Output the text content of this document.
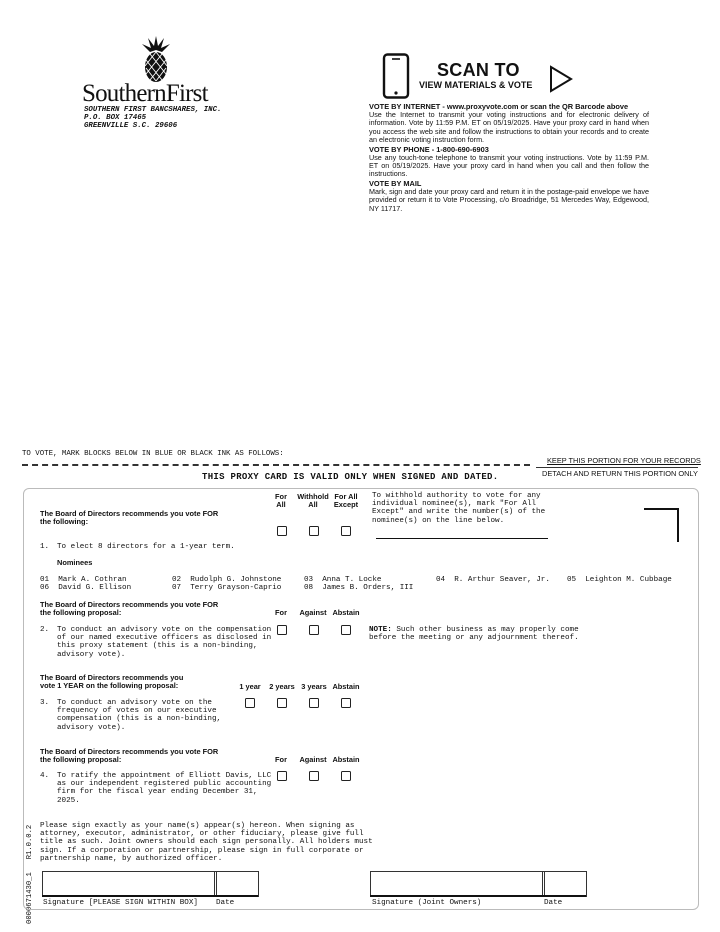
SouthernFirst
SOUTHERN FIRST BANCSHARES, INC.
P.O. BOX 17465
GREENVILLE S.C. 29606
SCAN TO
VIEW MATERIALS & VOTE
VOTE BY INTERNET - www.proxyvote.com or scan the QR Barcode above
Use the Internet to transmit your voting instructions and for electronic delivery of information. Vote by 11:59 P.M. ET on 05/19/2025. Have your proxy card in hand when you access the web site and follow the instructions to obtain your records and to create an electronic voting instruction form.
VOTE BY PHONE - 1-800-690-6903
Use any touch-tone telephone to transmit your voting instructions. Vote by 11:59 P.M. ET on 05/19/2025. Have your proxy card in hand when you call and then follow the instructions.
VOTE BY MAIL
Mark, sign and date your proxy card and return it in the postage-paid envelope we have provided or return it to Vote Processing, c/o Broadridge, 51 Mercedes Way, Edgewood, NY 11717.
TO VOTE, MARK BLOCKS BELOW IN BLUE OR BLACK INK AS FOLLOWS:
KEEP THIS PORTION FOR YOUR RECORDS
DETACH AND RETURN THIS PORTION ONLY
THIS PROXY CARD IS VALID ONLY WHEN SIGNED AND DATED.
0000671430_1   R1.0.0.2
For
All
Withhold
All
For All
Except
To withhold authority to vote for any individual nominee(s), mark "For All Except" and write the number(s) of the nominee(s) on the line below.
The Board of Directors recommends you vote FOR
the following:
1. To elect 8 directors for a 1-year term.
Nominees
01  Mark A. Cothran	02  Rudolph G. Johnstone	03  Anna T. Locke	04  R. Arthur Seaver, Jr. 05  Leighton M. Cubbage
06  David G. Ellison	07  Terry Grayson-Caprio	08  James B. Orders, III
The Board of Directors recommends you vote FOR
the following proposal:	For	Against Abstain
2. To conduct an advisory vote on the compensation
of our named executive officers as disclosed in
this proxy statement (this is a non-binding,
advisory vote).
NOTE: Such other business as may properly come
before the meeting or any adjournment thereof.
The Board of Directors recommends you
vote 1 YEAR on the following proposal:	1 year	2 years 3 years Abstain
3. To conduct an advisory vote on the
frequency of votes on our executive
compensation (this is a non-binding,
advisory vote).
The Board of Directors recommends you vote FOR
the following proposal:	For	Against Abstain
4. To ratify the appointment of Elliott Davis, LLC
as our independent registered public accounting
firm for the fiscal year ending December 31,
2025.
Please sign exactly as your name(s) appear(s) hereon. When signing as
attorney, executor, administrator, or other fiduciary, please give full
title as such. Joint owners should each sign personally. All holders must
sign. If a corporation or partnership, please sign in full corporate or
partnership name, by authorized officer.
Signature [PLEASE SIGN WITHIN BOX] Date	Signature (Joint Owners)	Date
